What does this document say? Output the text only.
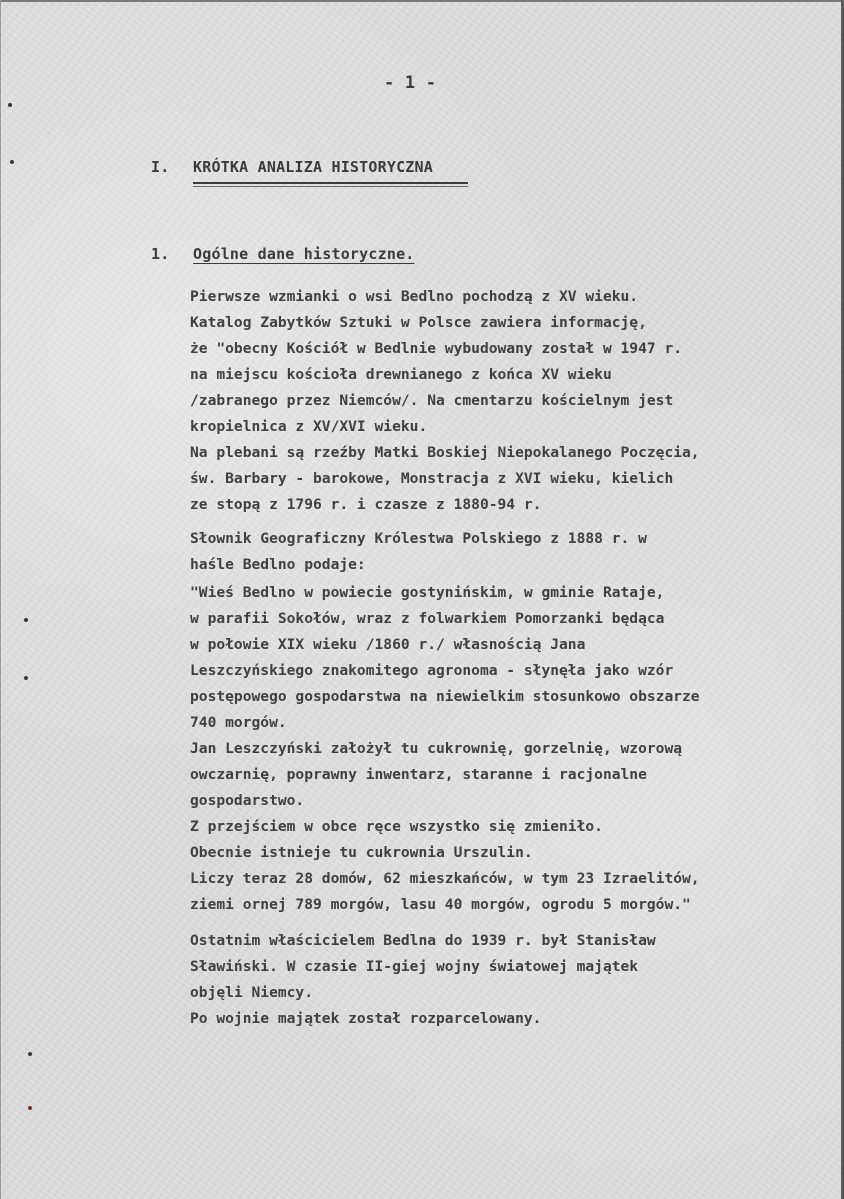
- 1 -
I. KRÓTKA ANALIZA HISTORYCZNA
1. Ogólne dane historyczne.
Pierwsze wzmianki o wsi Bedlno pochodzą z XV wieku.
Katalog Zabytków Sztuki w Polsce zawiera informację,
że "obecny Kościół w Bedlnie wybudowany został w 1947 r.
na miejscu kościoła drewnianego z końca XV wieku
/zabranego przez Niemców/. Na cmentarzu kościelnym jest
kropielnica z XV/XVI wieku.
Na plebani są rzeźby Matki Boskiej Niepokalanego Poczęcia,
św. Barbary - barokowe, Monstracja z XVI wieku, kielich
ze stopą z 1796 r. i czasze z 1880-94 r.
Słownik Geograficzny Królestwa Polskiego z 1888 r. w
haśle Bedlno podaje:
"Wieś Bedlno w powiecie gostynińskim, w gminie Rataje,
w parafii Sokołów, wraz z folwarkiem Pomorzanki będąca
w połowie XIX wieku /1860 r./ własnością Jana
Leszczyńskiego znakomitego agronoma - słynęła jako wzór
postępowego gospodarstwa na niewielkim stosunkowo obszarze
740 morgów.
Jan Leszczyński założył tu cukrownię, gorzelnię, wzorową
owczarnię, poprawny inwentarz, staranne i racjonalne
gospodarstwo.
Z przejściem w obce ręce wszystko się zmieniło.
Obecnie istnieje tu cukrownia Urszulin.
Liczy teraz 28 domów, 62 mieszkańców, w tym 23 Izraelitów,
ziemi ornej 789 morgów, lasu 40 morgów, ogrodu 5 morgów."
Ostatnim właścicielem Bedlna do 1939 r. był Stanisław
Sławiński. W czasie II-giej wojny światowej majątek
objęli Niemcy.
Po wojnie majątek został rozparcelowany.
